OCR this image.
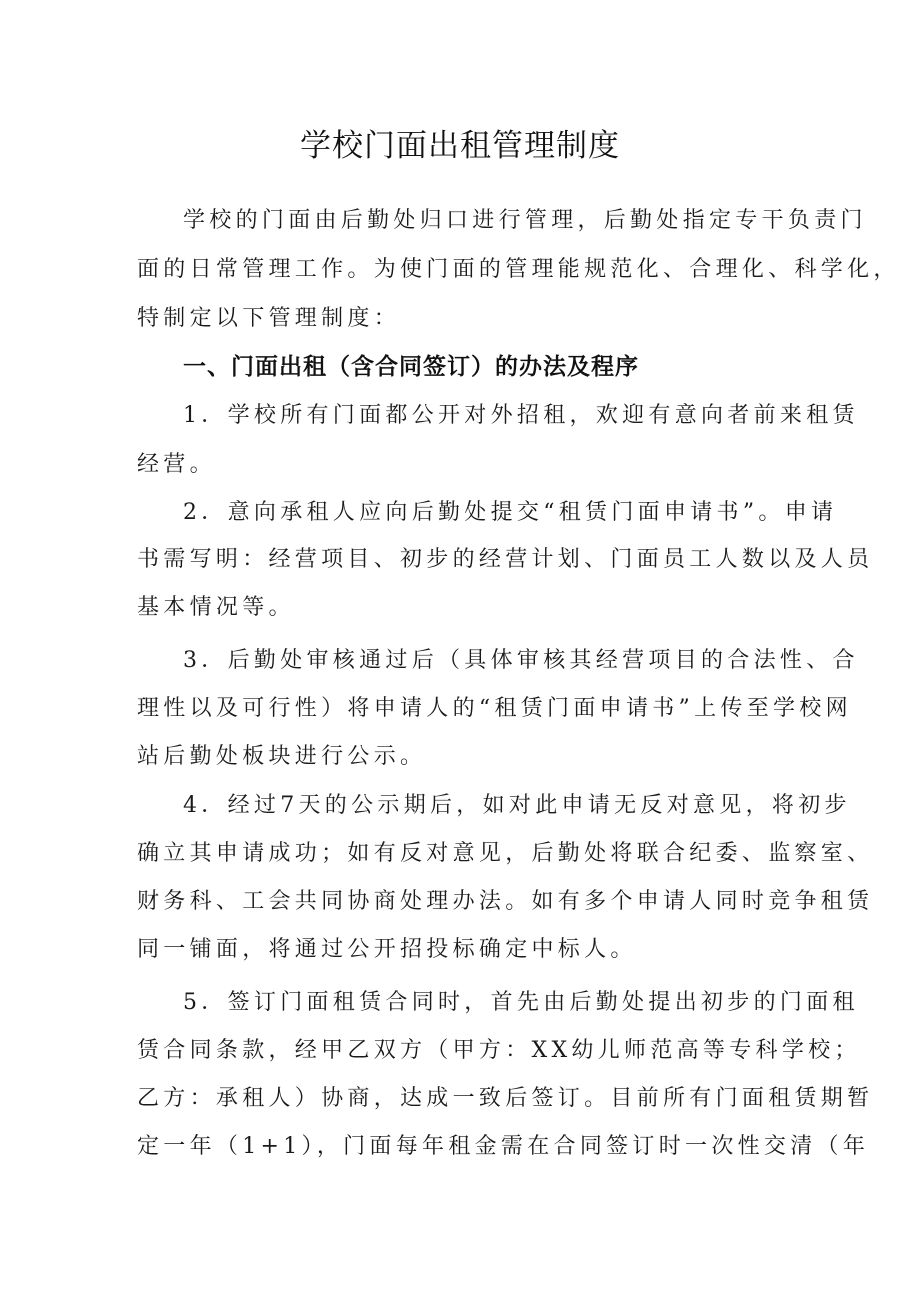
学校门面出租管理制度
学校的门面由后勤处归口进行管理，后勤处指定专干负责门
面的日常管理工作。为使门面的管理能规范化、合理化、科学化，
特制定以下管理制度：
一、门面出租（含合同签订）的办法及程序
1．学校所有门面都公开对外招租，欢迎有意向者前来租赁
经营。
2．意向承租人应向后勤处提交“租赁门面申请书”。申请
书需写明：经营项目、初步的经营计划、门面员工人数以及人员
基本情况等。
3．后勤处审核通过后（具体审核其经营项目的合法性、合
理性以及可行性）将申请人的“租赁门面申请书”上传至学校网
站后勤处板块进行公示。
4．经过7天的公示期后，如对此申请无反对意见，将初步
确立其申请成功；如有反对意见，后勤处将联合纪委、监察室、
财务科、工会共同协商处理办法。如有多个申请人同时竞争租赁
同一铺面，将通过公开招投标确定中标人。
5．签订门面租赁合同时，首先由后勤处提出初步的门面租
赁合同条款，经甲乙双方（甲方：XX幼儿师范高等专科学校；
乙方：承租人）协商，达成一致后签订。目前所有门面租赁期暂
定一年（1+1），门面每年租金需在合同签订时一次性交清（年
